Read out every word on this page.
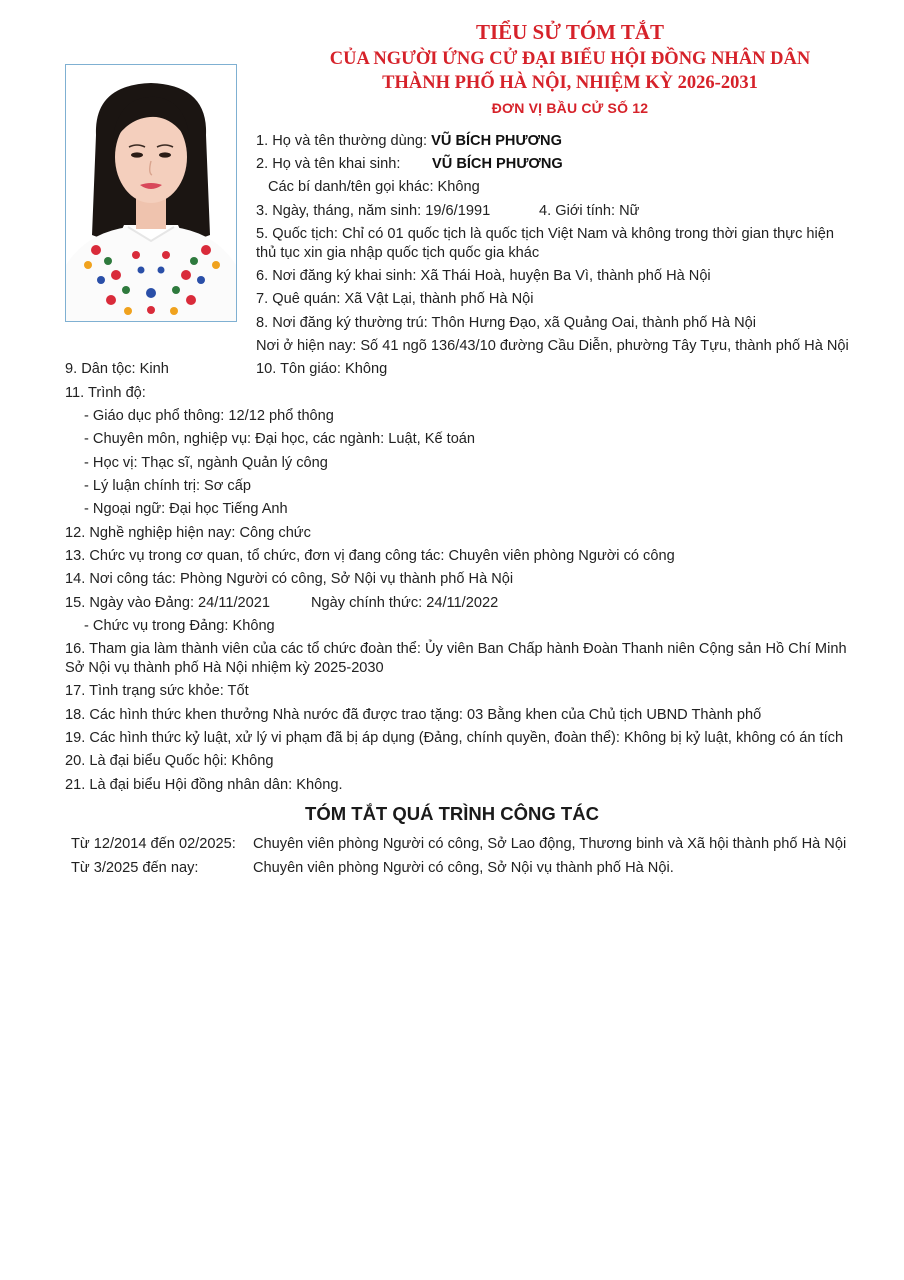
TIỂU SỬ TÓM TẮT
CỦA NGƯỜI ỨNG CỬ ĐẠI BIỂU HỘI ĐỒNG NHÂN DÂN
THÀNH PHỐ HÀ NỘI, NHIỆM KỲ 2026-2031
ĐƠN VỊ BẦU CỬ SỐ 12
1. Họ và tên thường dùng: VŨ BÍCH PHƯƠNG
2. Họ và tên khai sinh: VŨ BÍCH PHƯƠNG
Các bí danh/tên gọi khác: Không
3. Ngày, tháng, năm sinh: 19/6/1991	4. Giới tính: Nữ
5. Quốc tịch: Chỉ có 01 quốc tịch là quốc tịch Việt Nam và không trong thời gian thực hiện
thủ tục xin gia nhập quốc tịch quốc gia khác
6. Nơi đăng ký khai sinh: Xã Thái Hoà, huyện Ba Vì, thành phố Hà Nội
7. Quê quán: Xã Vật Lại, thành phố Hà Nội
8. Nơi đăng ký thường trú: Thôn Hưng Đạo, xã Quảng Oai, thành phố Hà Nội
Nơi ở hiện nay: Số 41 ngõ 136/43/10 đường Cầu Diễn, phường Tây Tựu, thành phố Hà Nội
9. Dân tộc: Kinh	10. Tôn giáo: Không
11. Trình độ:
- Giáo dục phổ thông: 12/12 phổ thông
- Chuyên môn, nghiệp vụ: Đại học, các ngành: Luật, Kế toán
- Học vị: Thạc sĩ, ngành Quản lý công
- Lý luận chính trị: Sơ cấp
- Ngoại ngữ: Đại học Tiếng Anh
12. Nghề nghiệp hiện nay: Công chức
13. Chức vụ trong cơ quan, tổ chức, đơn vị đang công tác: Chuyên viên phòng Người có công
14. Nơi công tác: Phòng Người có công, Sở Nội vụ thành phố Hà Nội
15. Ngày vào Đảng: 24/11/2021	Ngày chính thức: 24/11/2022
- Chức vụ trong Đảng: Không
16. Tham gia làm thành viên của các tổ chức đoàn thể: Ủy viên Ban Chấp hành Đoàn Thanh niên Cộng sản Hồ Chí Minh
Sở Nội vụ thành phố Hà Nội nhiệm kỳ 2025-2030
17. Tình trạng sức khỏe: Tốt
18. Các hình thức khen thưởng Nhà nước đã được trao tặng: 03 Bằng khen của Chủ tịch UBND Thành phố
19. Các hình thức kỷ luật, xử lý vi phạm đã bị áp dụng (Đảng, chính quyền, đoàn thể): Không bị kỷ luật, không có án tích
20. Là đại biểu Quốc hội: Không
21. Là đại biểu Hội đồng nhân dân: Không.
TÓM TẮT QUÁ TRÌNH CÔNG TÁC
Từ 12/2014 đến 02/2025: Chuyên viên phòng Người có công, Sở Lao động, Thương binh và Xã hội thành phố Hà Nội
Từ 3/2025 đến nay:	Chuyên viên phòng Người có công, Sở Nội vụ thành phố Hà Nội.
